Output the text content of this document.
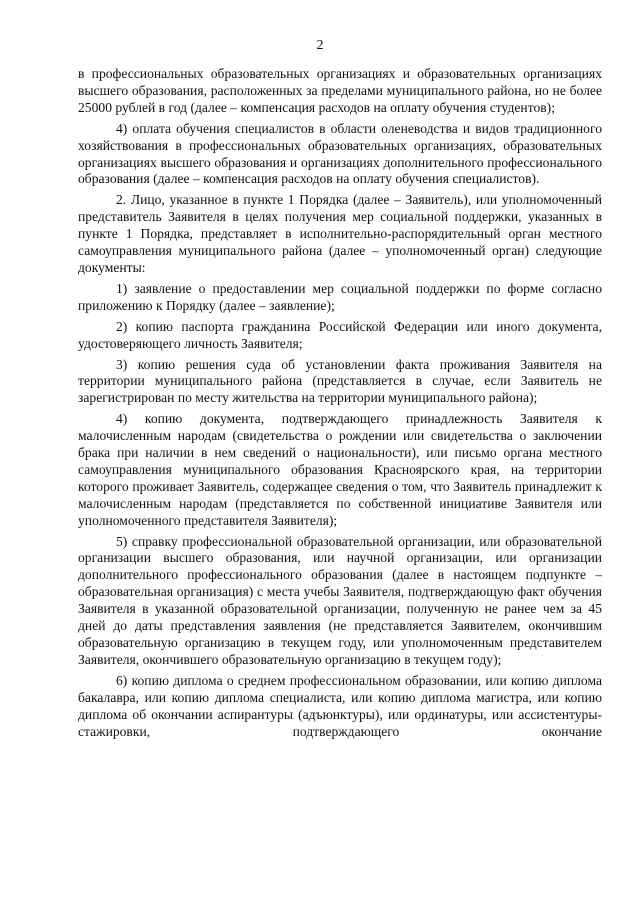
2

в профессиональных образовательных организациях и образовательных организациях высшего образования, расположенных за пределами муниципального района, но не более 25000 рублей в год (далее – компенсация расходов на оплату обучения студентов);

4) оплата обучения специалистов в области оленеводства и видов традиционного хозяйствования в профессиональных образовательных организациях, образовательных организациях высшего образования и организациях дополнительного профессионального образования (далее – компенсация расходов на оплату обучения специалистов).

2. Лицо, указанное в пункте 1 Порядка (далее – Заявитель), или уполномоченный представитель Заявителя в целях получения мер социальной поддержки, указанных в пункте 1 Порядка, представляет в исполнительно-распорядительный орган местного самоуправления муниципального района (далее – уполномоченный орган) следующие документы:

1) заявление о предоставлении мер социальной поддержки по форме согласно приложению к Порядку (далее – заявление);

2) копию паспорта гражданина Российской Федерации или иного документа, удостоверяющего личность Заявителя;

3) копию решения суда об установлении факта проживания Заявителя на территории муниципального района (представляется в случае, если Заявитель не зарегистрирован по месту жительства на территории муниципального района);

4) копию документа, подтверждающего принадлежность Заявителя к малочисленным народам (свидетельства о рождении или свидетельства о заключении брака при наличии в нем сведений о национальности), или письмо органа местного самоуправления муниципального образования Красноярского края, на территории которого проживает Заявитель, содержащее сведения о том, что Заявитель принадлежит к малочисленным народам (представляется по собственной инициативе Заявителя или уполномоченного представителя Заявителя);

5) справку профессиональной образовательной организации, или образовательной организации высшего образования, или научной организации, или организации дополнительного профессионального образования (далее в настоящем подпункте – образовательная организация) с места учебы Заявителя, подтверждающую факт обучения Заявителя в указанной образовательной организации, полученную не ранее чем за 45 дней до даты представления заявления (не представляется Заявителем, окончившим образовательную организацию в текущем году, или уполномоченным представителем Заявителя, окончившего образовательную организацию в текущем году);

6) копию диплома о среднем профессиональном образовании, или копию диплома бакалавра, или копию диплома специалиста, или копию диплома магистра, или копию диплома об окончании аспирантуры (адъюнктуры), или ординатуры, или ассистентуры-стажировки, подтверждающего окончание
